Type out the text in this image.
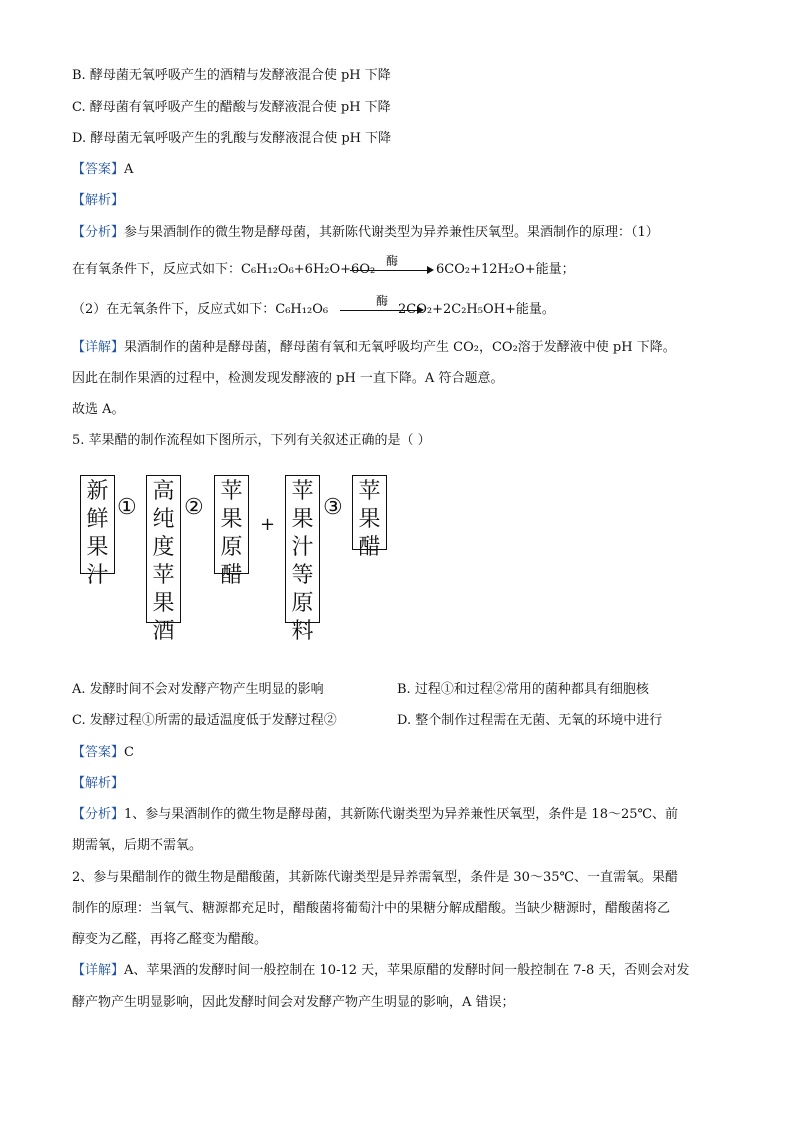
B. 酵母菌无氧呼吸产生的酒精与发酵液混合使 pH 下降
C. 酵母菌有氧呼吸产生的醋酸与发酵液混合使 pH 下降
D. 酵母菌无氧呼吸产生的乳酸与发酵液混合使 pH 下降
【答案】A
【解析】
【分析】参与果酒制作的微生物是酵母菌，其新陈代谢类型为异养兼性厌氧型。果酒制作的原理：（1）
在有氧条件下，反应式如下：C₆H₁₂O₆+6H₂O+6O₂
酶
6CO₂+12H₂O+能量；
（2）在无氧条件下，反应式如下：C₆H₁₂O₆
酶
2CO₂+2C₂H₅OH+能量。
【详解】果酒制作的菌种是酵母菌，酵母菌有氧和无氧呼吸均产生 CO₂，CO₂溶于发酵液中使 pH 下降。
因此在制作果酒的过程中，检测发现发酵液的 pH 一直下降。A 符合题意。
故选 A。
5. 苹果醋的制作流程如下图所示，下列有关叙述正确的是（ ）
新
鲜
果
汁
①
高
纯
度
苹
果
酒
②
苹
果
原
醋
+
苹
果
汁
等
原
料
③
苹
果
醋
A. 发酵时间不会对发酵产物产生明显的影响	B. 过程①和过程②常用的菌种都具有细胞核
C. 发酵过程①所需的最适温度低于发酵过程②	D. 整个制作过程需在无菌、无氧的环境中进行
【答案】C
【解析】
【分析】1、参与果酒制作的微生物是酵母菌，其新陈代谢类型为异养兼性厌氧型，条件是 18～25℃、前
期需氧，后期不需氧。
2、参与果醋制作的微生物是醋酸菌，其新陈代谢类型是异养需氧型，条件是 30～35℃、一直需氧。果醋
制作的原理：当氧气、糖源都充足时，醋酸菌将葡萄汁中的果糖分解成醋酸。当缺少糖源时，醋酸菌将乙
醇变为乙醛，再将乙醛变为醋酸。
【详解】A、苹果酒的发酵时间一般控制在 10-12 天，苹果原醋的发酵时间一般控制在 7-8 天，否则会对发
酵产物产生明显影响，因此发酵时间会对发酵产物产生明显的影响，A 错误；
